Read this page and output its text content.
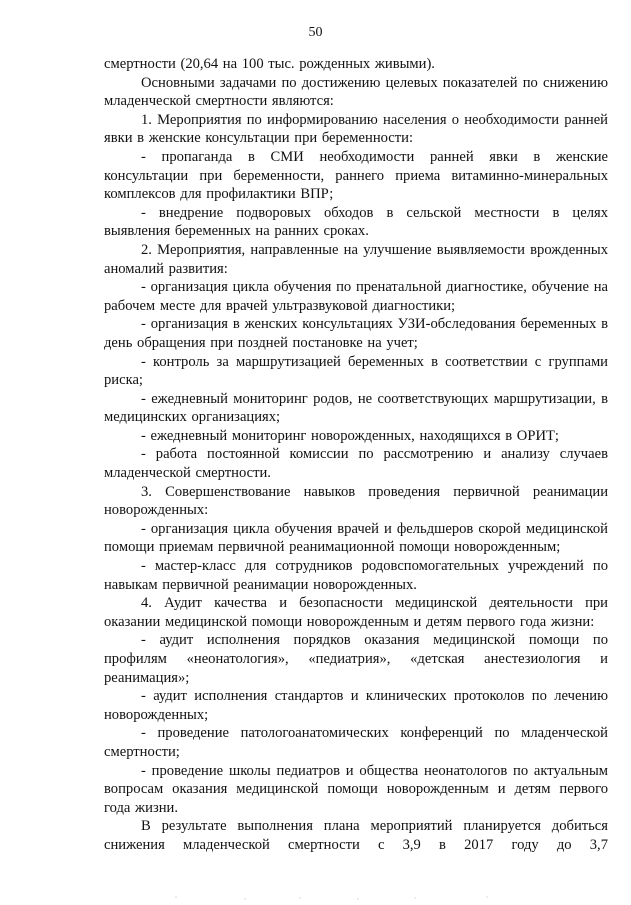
50

смертности (20,64 на 100 тыс. рожденных живыми).

Основными задачами по достижению целевых показателей по снижению младенческой смертности являются:

1. Мероприятия по информированию населения о необходимости ранней явки в женские консультации при беременности:

- пропаганда в СМИ необходимости ранней явки в женские консультации при беременности, раннего приема витаминно-минеральных комплексов для профилактики ВПР;

- внедрение подворовых обходов в сельской местности в целях выявления беременных на ранних сроках.

2. Мероприятия, направленные на улучшение выявляемости врожденных аномалий развития:

- организация цикла обучения по пренатальной диагностике, обучение на рабочем месте для врачей ультразвуковой диагностики;

- организация в женских консультациях УЗИ-обследования беременных в день обращения при поздней постановке на учет;

- контроль за маршрутизацией беременных в соответствии с группами риска;

- ежедневный мониторинг родов, не соответствующих маршрутизации, в медицинских организациях;

- ежедневный мониторинг новорожденных, находящихся в ОРИТ;

- работа постоянной комиссии по рассмотрению и анализу случаев младенческой смертности.

3. Совершенствование навыков проведения первичной реанимации новорожденных:

- организация цикла обучения врачей и фельдшеров скорой медицинской помощи приемам первичной реанимационной помощи новорожденным;

- мастер-класс для сотрудников родовспомогательных учреждений по навыкам первичной реанимации новорожденных.

4. Аудит качества и безопасности медицинской деятельности при оказании медицинской помощи новорожденным и детям первого года жизни:

- аудит исполнения порядков оказания медицинской помощи по профилям «неонатология», «педиатрия», «детская анестезиология и реанимация»;

- аудит исполнения стандартов и клинических протоколов по лечению новорожденных;

- проведение патологоанатомических конференций по младенческой смертности;

- проведение школы педиатров и общества неонатологов по актуальным вопросам оказания медицинской помощи новорожденным и детям первого года жизни.

В результате выполнения плана мероприятий планируется добиться снижения младенческой смертности с 3,9 в 2017 году до 3,7
